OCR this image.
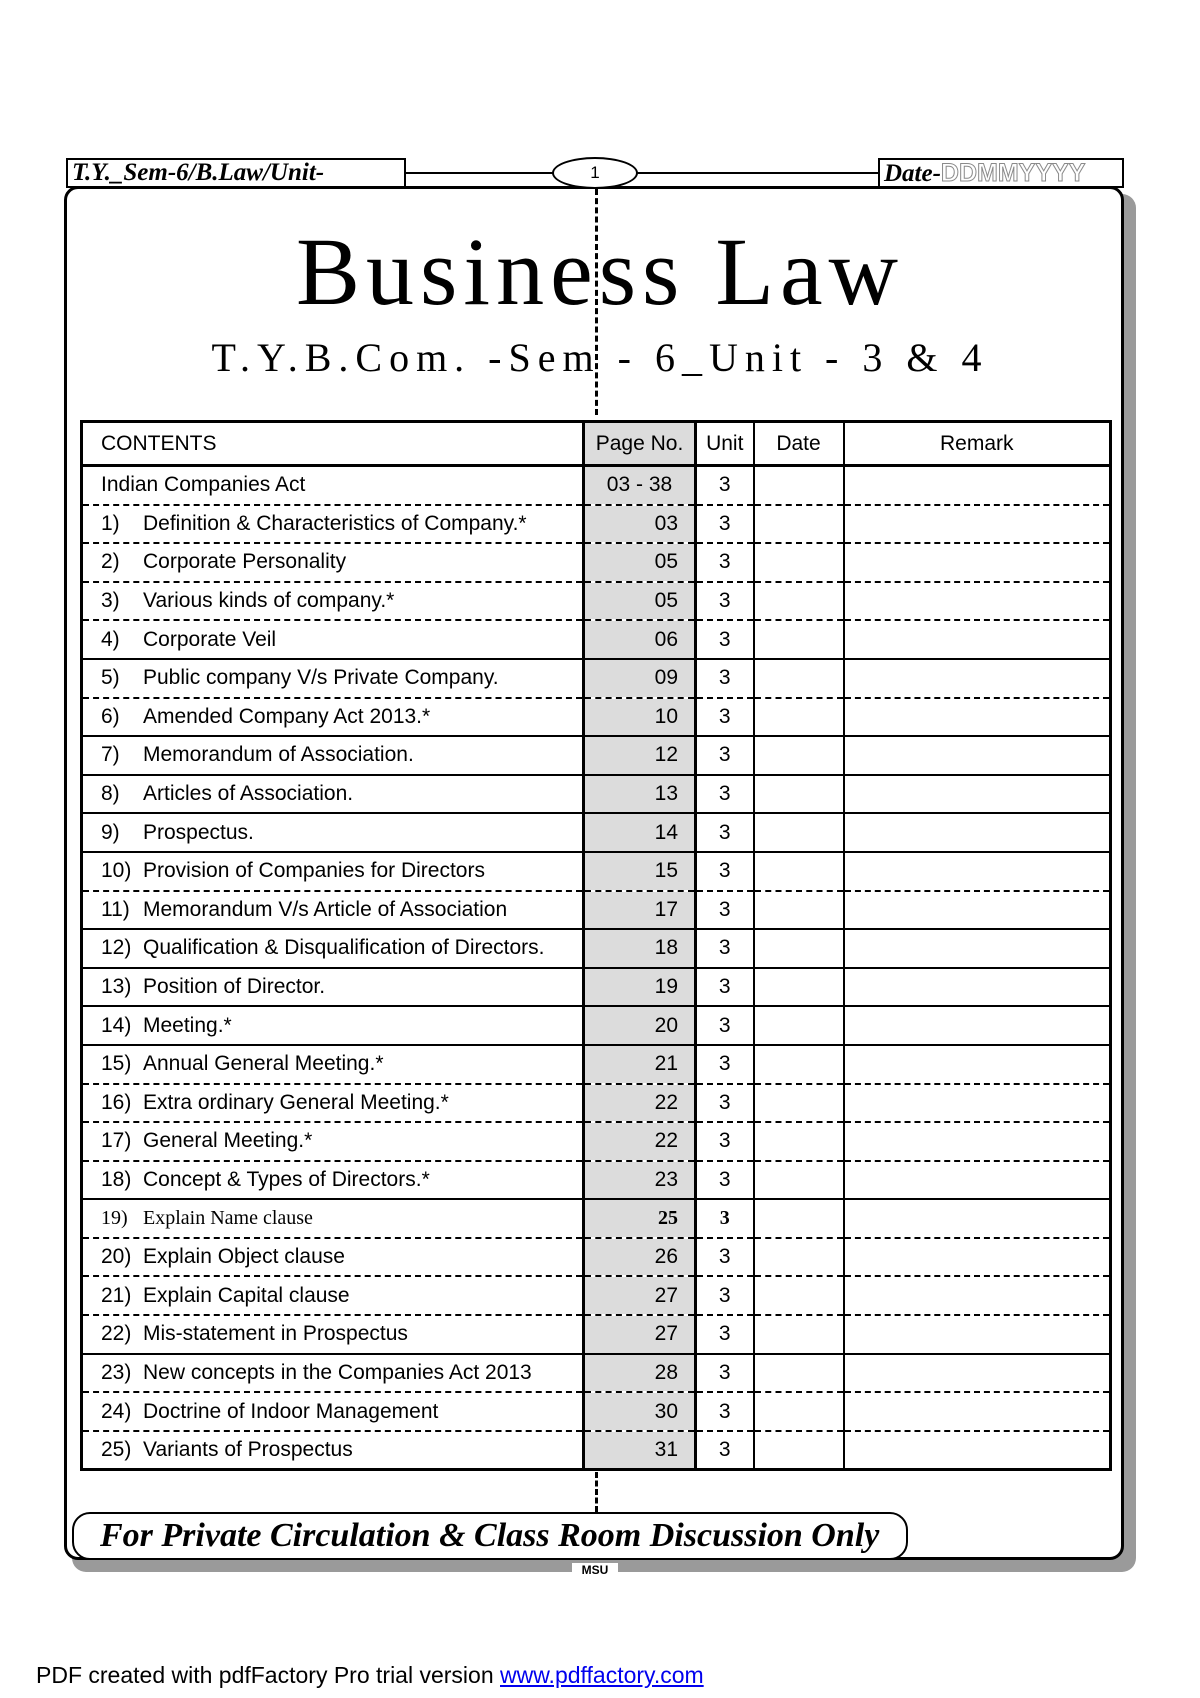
T.Y._Sem-6/B.Law/Unit-	1	Date-DDMMYYYY
Business Law
T.Y.B.Com. -Sem - 6_Unit - 3 & 4
CONTENTS	Page No.	Unit	Date	Remark
Indian Companies Act	03 - 38	3		
1) Definition & Characteristics of Company.*	03	3		
2) Corporate Personality	05	3		
3) Various kinds of company.*	05	3		
4) Corporate Veil	06	3		
5) Public company V/s Private Company.	09	3		
6) Amended Company Act 2013.*	10	3		
7) Memorandum of Association.	12	3		
8) Articles of Association.	13	3		
9) Prospectus.	14	3		
10) Provision of Companies for Directors	15	3		
11) Memorandum V/s Article of Association	17	3		
12) Qualification & Disqualification of Directors.	18	3		
13) Position of Director.	19	3		
14) Meeting.*	20	3		
15) Annual General Meeting.*	21	3		
16) Extra ordinary General Meeting.*	22	3		
17) General Meeting.*	22	3		
18) Concept & Types of Directors.*	23	3		
19) Explain Name clause	25	3		
20) Explain Object clause	26	3		
21) Explain Capital clause	27	3		
22) Mis-statement in Prospectus	27	3		
23) New concepts in the Companies Act 2013	28	3		
24) Doctrine of Indoor Management	30	3		
25) Variants of Prospectus	31	3		
For Private Circulation & Class Room Discussion Only
MSU
PDF created with pdfFactory Pro trial version www.pdffactory.com
